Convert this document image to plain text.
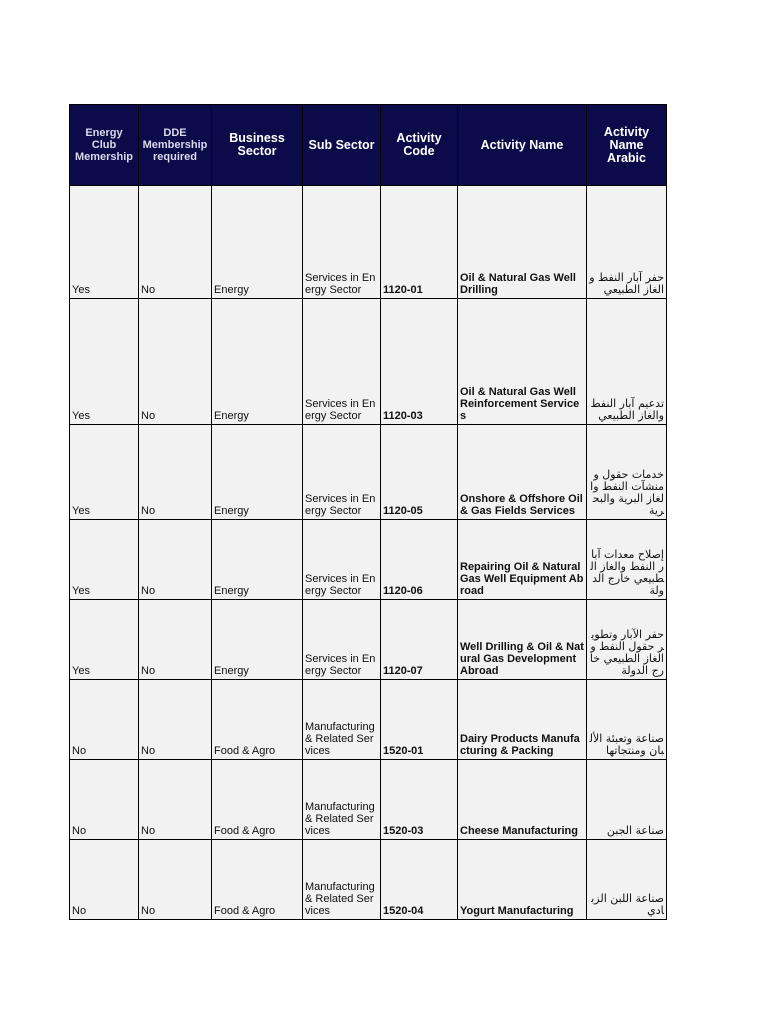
Energy Club Memership	DDE Membership required	Business Sector	Sub Sector	Activity Code	Activity Name	Activity Name Arabic
Yes	No	Energy	Services in Energy Sector	1120-01	Oil & Natural Gas Well Drilling	حفر آبار النفط والغاز الطبيعي
Yes	No	Energy	Services in Energy Sector	1120-03	Oil & Natural Gas Well Reinforcement Services	تدعيم آبار النفط والغاز الطبيعي
Yes	No	Energy	Services in Energy Sector	1120-05	Onshore & Offshore Oil & Gas Fields Services	خدمات حقول ومنشآت النفط والغاز البرية والبحرية
Yes	No	Energy	Services in Energy Sector	1120-06	Repairing Oil & Natural Gas Well Equipment Abroad	إصلاح معدات آبار النفط والغاز الطبيعي خارج الدولة
Yes	No	Energy	Services in Energy Sector	1120-07	Well Drilling & Oil & Natural Gas Development Abroad	حفر الآبار وتطوير حقول النفط والغاز الطبيعي خارج الدولة
No	No	Food & Agro	Manufacturing & Related Services	1520-01	Dairy Products Manufacturing & Packing	صناعة وتعبئة الألبان ومنتجاتها
No	No	Food & Agro	Manufacturing & Related Services	1520-03	Cheese Manufacturing	صناعة الجبن
No	No	Food & Agro	Manufacturing & Related Services	1520-04	Yogurt Manufacturing	صناعة اللبن الزبادي
